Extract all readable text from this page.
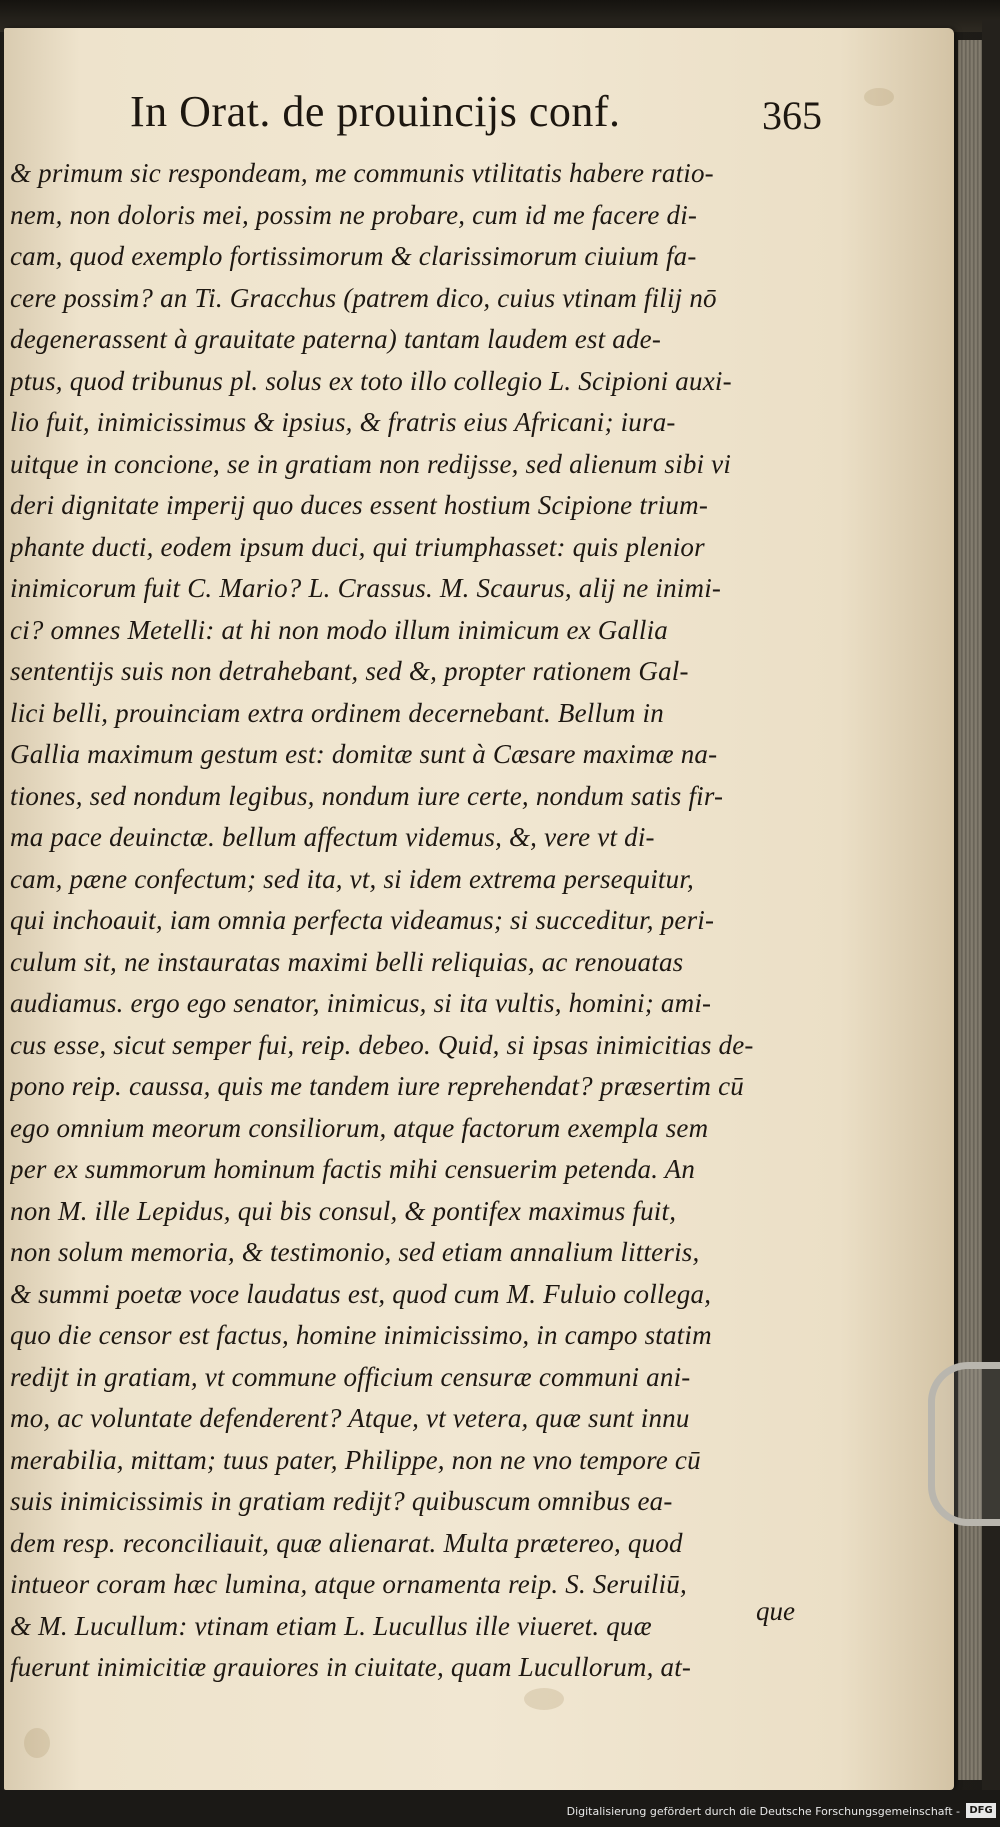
In Orat. de prouincijs conf.	365
& primum sic respondeam, me communis vtilitatis habere ratio-
nem, non doloris mei, possim ne probare, cum id me facere di-
cam, quod exemplo fortissimorum & clarissimorum ciuium fa-
cere possim? an Ti. Gracchus (patrem dico, cuius vtinam filij nō
degenerassent à grauitate paterna) tantam laudem est ade-
ptus, quod tribunus pl. solus ex toto illo collegio L. Scipioni auxi-
lio fuit, inimicissimus & ipsius, & fratris eius Africani; iura-
uitque in concione, se in gratiam non redijsse, sed alienum sibi vi
deri dignitate imperij quo duces essent hostium Scipione trium-
phante ducti, eodem ipsum duci, qui triumphasset: quis plenior
inimicorum fuit C. Mario? L. Crassus. M. Scaurus, alij ne inimi-
ci? omnes Metelli: at hi non modo illum inimicum ex Gallia
sententijs suis non detrahebant, sed &, propter rationem Gal-
lici belli, prouinciam extra ordinem decernebant. Bellum in
Gallia maximum gestum est: domitæ sunt à Cæsare maximæ na-
tiones, sed nondum legibus, nondum iure certe, nondum satis fir-
ma pace deuinctæ. bellum affectum videmus, &, vere vt di-
cam, pæne confectum; sed ita, vt, si idem extrema persequitur,
qui inchoauit, iam omnia perfecta videamus; si succeditur, peri-
culum sit, ne instauratas maximi belli reliquias, ac renouatas
audiamus. ergo ego senator, inimicus, si ita vultis, homini; ami-
cus esse, sicut semper fui, reip. debeo. Quid, si ipsas inimicitias de-
pono reip. caussa, quis me tandem iure reprehendat? præsertim cū
ego omnium meorum consiliorum, atque factorum exempla sem
per ex summorum hominum factis mihi censuerim petenda. An
non M. ille Lepidus, qui bis consul, & pontifex maximus fuit,
non solum memoria, & testimonio, sed etiam annalium litteris,
& summi poetæ voce laudatus est, quod cum M. Fuluio collega,
quo die censor est factus, homine inimicissimo, in campo statim
redijt in gratiam, vt commune officium censuræ communi ani-
mo, ac voluntate defenderent? Atque, vt vetera, quæ sunt innu
merabilia, mittam; tuus pater, Philippe, non ne vno tempore cū
suis inimicissimis in gratiam redijt? quibuscum omnibus ea-
dem resp. reconciliauit, quæ alienarat. Multa prætereo, quod
intueor coram hæc lumina, atque ornamenta reip. S. Seruiliū,
& M. Lucullum: vtinam etiam L. Lucullus ille viueret. quæ
fuerunt inimicitiæ grauiores in ciuitate, quam Lucullorum, at-
que
Digitalisierung gefördert durch die Deutsche Forschungsgemeinschaft - DFG
